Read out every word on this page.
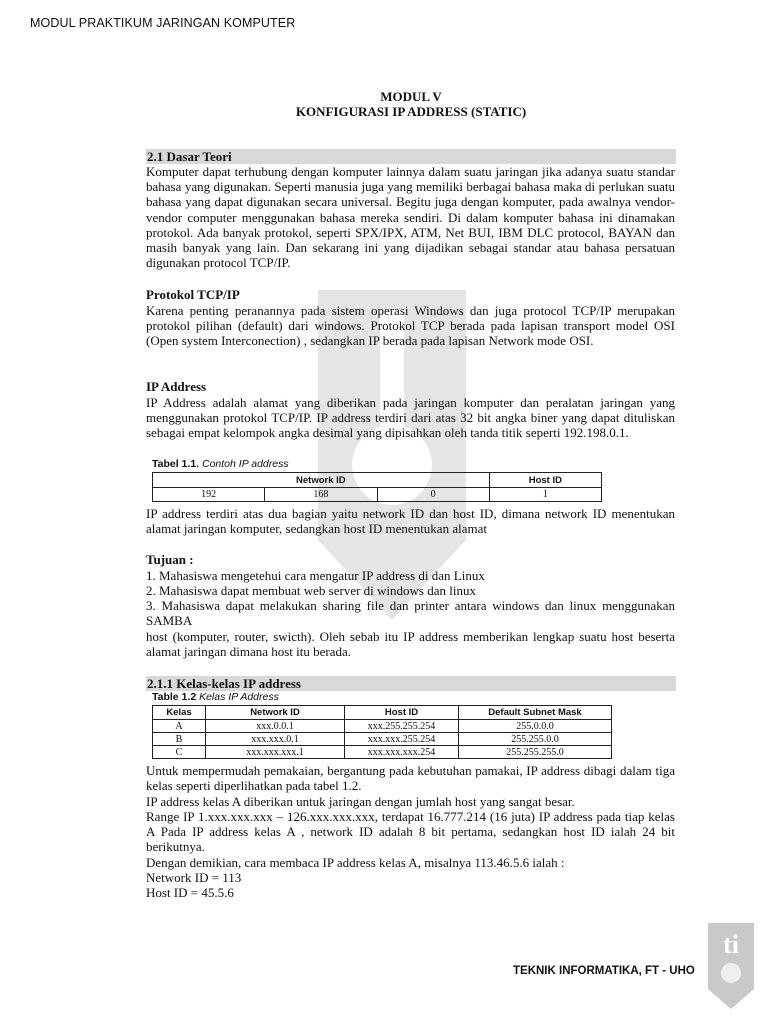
MODUL PRAKTIKUM JARINGAN KOMPUTER
MODUL V
KONFIGURASI IP ADDRESS (STATIC)
2.1 Dasar Teori
Komputer dapat terhubung dengan komputer lainnya dalam suatu jaringan jika adanya suatu standar bahasa yang digunakan. Seperti manusia juga yang memiliki berbagai bahasa maka di perlukan suatu bahasa yang dapat digunakan secara universal. Begitu juga dengan komputer, pada awalnya vendor-vendor computer menggunakan bahasa mereka sendiri. Di dalam komputer bahasa ini dinamakan protokol. Ada banyak protokol, seperti SPX/IPX, ATM, Net BUI, IBM DLC protocol, BAYAN dan masih banyak yang lain. Dan sekarang ini yang dijadikan sebagai standar atau bahasa persatuan digunakan protocol TCP/IP.
Protokol TCP/IP
Karena penting peranannya pada sistem operasi Windows dan juga protocol TCP/IP merupakan protokol pilihan (default) dari windows. Protokol TCP berada pada lapisan transport model OSI (Open system Interconection) , sedangkan IP berada pada lapisan Network mode OSI.
IP Address
IP Address adalah alamat yang diberikan pada jaringan komputer dan peralatan jaringan yang menggunakan protokol TCP/IP. IP address terdiri dari atas 32 bit angka biner yang dapat dituliskan sebagai empat kelompok angka desimal yang dipisahkan oleh tanda titik seperti 192.198.0.1.
Tabel 1.1. Contoh IP address
Network ID			Host ID
192	168	0	1
IP address terdiri atas dua bagian yaitu network ID dan host ID, dimana network ID menentukan alamat jaringan komputer, sedangkan host ID menentukan alamat
Tujuan :
1. Mahasiswa mengetehui cara mengatur IP address di dan Linux
2. Mahasiswa dapat membuat web server di windows dan linux
3. Mahasiswa dapat melakukan sharing file dan printer antara windows dan linux menggunakan SAMBA
host (komputer, router, swicth). Oleh sebab itu IP address memberikan lengkap suatu host beserta alamat jaringan dimana host itu berada.
2.1.1 Kelas-kelas IP address
Table 1.2 Kelas IP Address
Kelas	Network ID	Host ID	Default Subnet Mask
A	xxx.0.0.1	xxx.255.255.254	255.0.0.0
B	xxx.xxx.0.1	xxx.xxx.255.254	255.255.0.0
C	xxx.xxx.xxx.1	xxx.xxx.xxx.254	255.255.255.0
Untuk mempermudah pemakaian, bergantung pada kebutuhan pamakai, IP address dibagi dalam tiga kelas seperti diperlihatkan pada tabel 1.2.
IP address kelas A diberikan untuk jaringan dengan jumlah host yang sangat besar.
Range IP 1.xxx.xxx.xxx – 126.xxx.xxx.xxx, terdapat 16.777.214 (16 juta) IP address pada tiap kelas A Pada IP address kelas A , network ID adalah 8 bit pertama, sedangkan host ID ialah 24 bit berikutnya.
Dengan demikian, cara membaca IP address kelas A, misalnya 113.46.5.6 ialah :
Network ID = 113
Host ID = 45.5.6
TEKNIK INFORMATIKA, FT - UHO
ti
